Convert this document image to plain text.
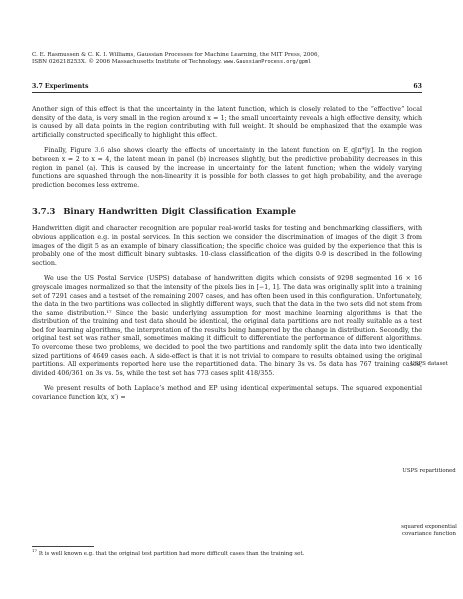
C. E. Rasmussen & C. K. I. Williams, Gaussian Processes for Machine Learning, the MIT Press, 2006,
ISBN 026218253X. © 2006 Massachusetts Institute of Technology. www.GaussianProcess.org/gpml
3.7 Experiments	63

Another sign of this effect is that the uncertainty in the latent function, which is closely related to the “effective” local density of the data, is very small in the region around x = 1; the small uncertainty reveals a high effective density, which is caused by all data points in the region contributing with full weight. It should be emphasized that the example was artificially constructed specifically to highlight this effect.

Finally, Figure 3.6 also shows clearly the effects of uncertainty in the latent function on E_q[π*|y]. In the region between x = 2 to x = 4, the latent mean in panel (b) increases slightly, but the predictive probability decreases in this region in panel (a). This is caused by the increase in uncertainty for the latent function; when the widely varying functions are squashed through the non-linearity it is possible for both classes to get high probability, and the average prediction becomes less extreme.

3.7.3 Binary Handwritten Digit Classification Example

Handwritten digit and character recognition are popular real-world tasks for testing and benchmarking classifiers, with obvious application e.g. in postal services. In this section we consider the discrimination of images of the digit 3 from images of the digit 5 as an example of binary classification; the specific choice was guided by the experience that this is probably one of the most difficult binary subtasks. 10-class classification of the digits 0-9 is described in the following section.

We use the US Postal Service (USPS) database of handwritten digits which consists of 9298 segmented 16 × 16 greyscale images normalized so that the intensity of the pixels lies in [−1, 1]. The data was originally split into a training set of 7291 cases and a testset of the remaining 2007 cases, and has often been used in this configuration. Unfortunately, the data in the two partitions was collected in slightly different ways, such that the data in the two sets did not stem from the same distribution.¹⁷ Since the basic underlying assumption for most machine learning algorithms is that the distribution of the training and test data should be identical, the original data partitions are not really suitable as a test bed for learning algorithms, the interpretation of the results being hampered by the change in distribution. Secondly, the original test set was rather small, sometimes making it difficult to differentiate the performance of different algorithms. To overcome these two problems, we decided to pool the two partitions and randomly split the data into two identically sized partitions of 4649 cases each. A side-effect is that it is not trivial to compare to results obtained using the original partitions. All experiments reported here use the repartitioned data. The binary 3s vs. 5s data has 767 training cases, divided 406/361 on 3s vs. 5s, while the test set has 773 cases split 418/355.

We present results of both Laplace’s method and EP using identical experimental setups. The squared exponential covariance function k(x, x′) =

USPS dataset
USPS repartitioned
squared exponential covariance function
$^{17}$ It is well known e.g. that the original test partition had more difficult cases than the training set.
